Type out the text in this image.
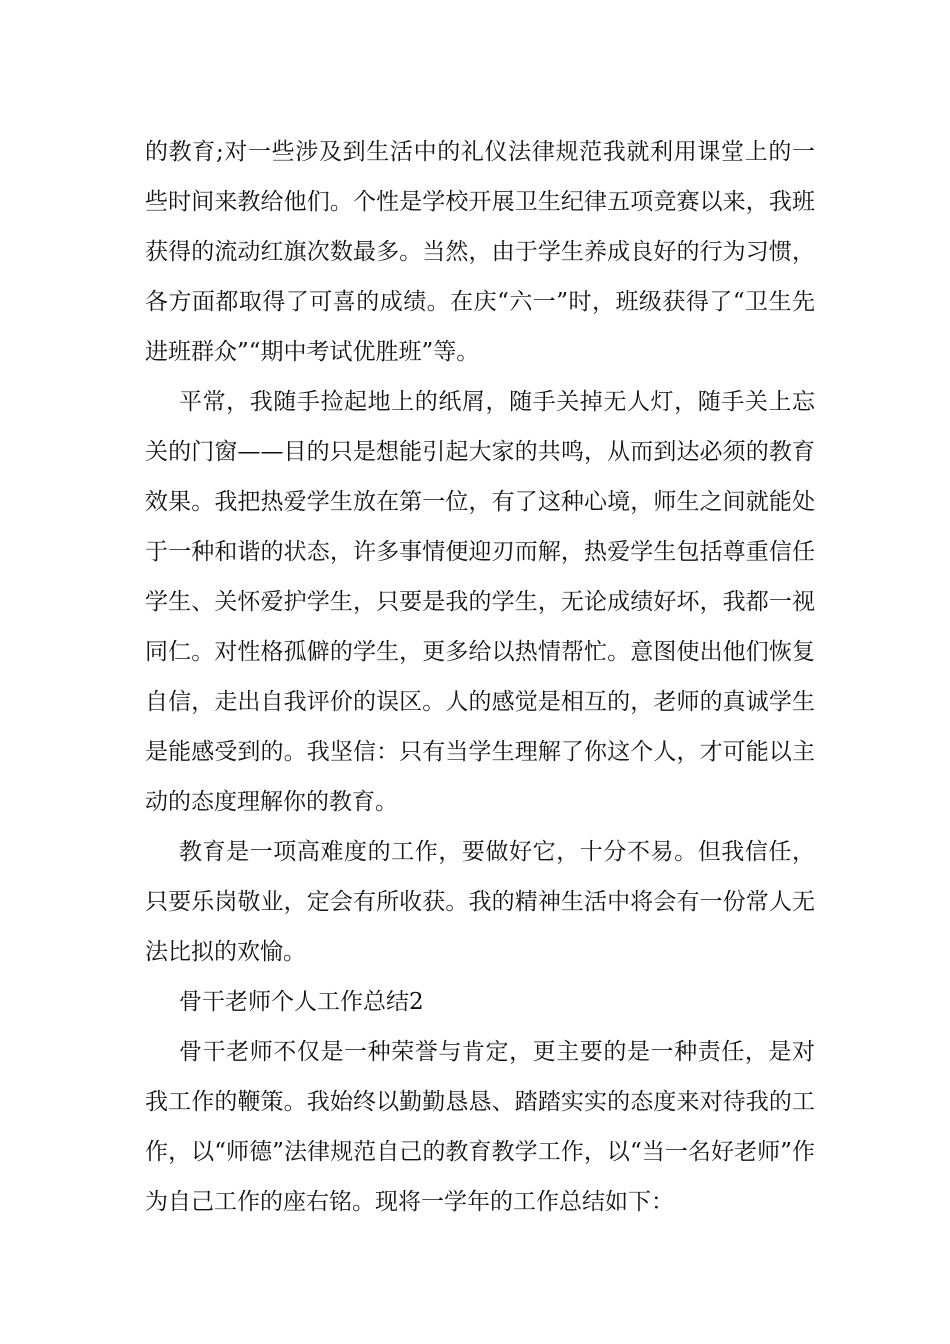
的教育;对一些涉及到生活中的礼仪法律规范我就利用课堂上的一些时间来教给他们。个性是学校开展卫生纪律五项竞赛以来，我班获得的流动红旗次数最多。当然，由于学生养成良好的行为习惯，各方面都取得了可喜的成绩。在庆“六一”时，班级获得了“卫生先进班群众”“期中考试优胜班”等。

平常，我随手捡起地上的纸屑，随手关掉无人灯，随手关上忘关的门窗——目的只是想能引起大家的共鸣，从而到达必须的教育效果。我把热爱学生放在第一位，有了这种心境，师生之间就能处于一种和谐的状态，许多事情便迎刃而解，热爱学生包括尊重信任学生、关怀爱护学生，只要是我的学生，无论成绩好坏，我都一视同仁。对性格孤僻的学生，更多给以热情帮忙。意图使出他们恢复自信，走出自我评价的误区。人的感觉是相互的，老师的真诚学生是能感受到的。我坚信：只有当学生理解了你这个人，才可能以主动的态度理解你的教育。

教育是一项高难度的工作，要做好它，十分不易。但我信任，只要乐岗敬业，定会有所收获。我的精神生活中将会有一份常人无法比拟的欢愉。

骨干老师个人工作总结2

骨干老师不仅是一种荣誉与肯定，更主要的是一种责任，是对我工作的鞭策。我始终以勤勤恳恳、踏踏实实的态度来对待我的工作，以“师德”法律规范自己的教育教学工作，以“当一名好老师”作为自己工作的座右铭。现将一学年的工作总结如下：
